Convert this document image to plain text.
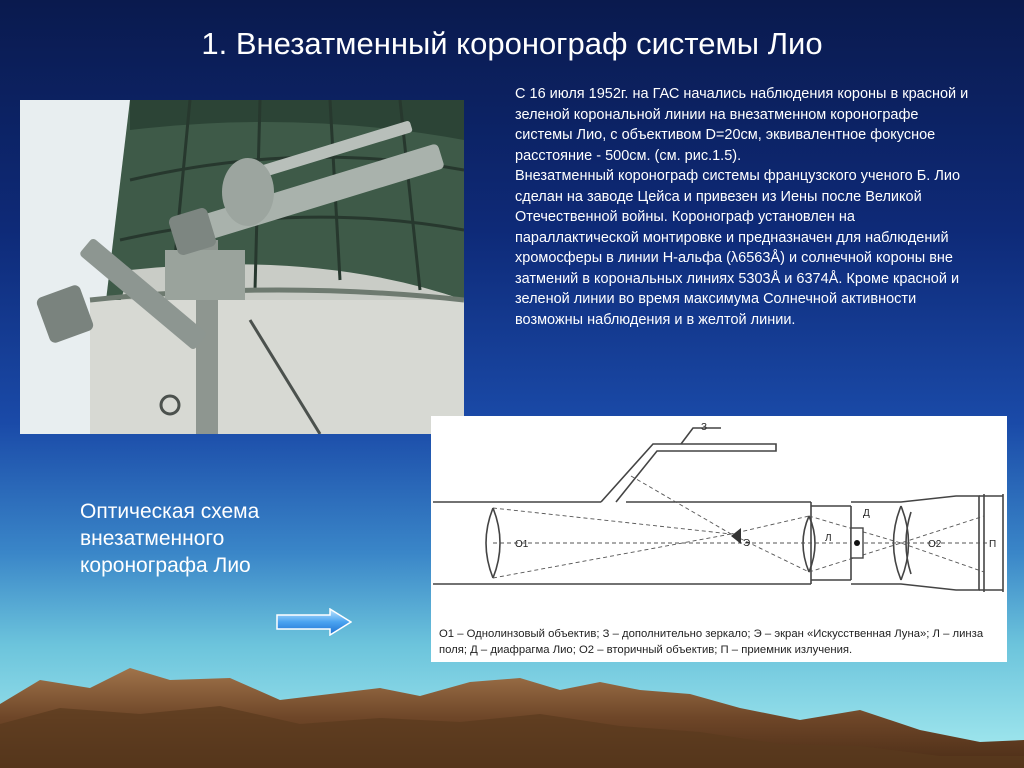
1. Внезатменный коронограф системы Лио

С 16 июля 1952г. на ГАС начались наблюдения короны в красной и зеленой корональной линии на внезатменном коронографе системы Лио, с объективом D=20см, эквивалентное фокусное расстояние - 500см. (см. рис.1.5).

Внезатменный коронограф системы французского ученого Б. Лио сделан на заводе Цейса и привезен из Иены после Великой Отечественной войны. Коронограф установлен на параллактической монтировке и предназначен для наблюдений хромосферы в линии Н-альфа (λ6563Å) и солнечной короны вне затмений в корональных линиях 5303Å и 6374Å. Кроме красной и зеленой линии во время максимума Солнечной активности возможны наблюдения и в желтой линии.

Оптическая схема
внезатменного
коронографа Лио
З
О1	Э	Л
Д
О2	П
О1 – Однолинзовый объектив; З – дополнительно зеркало; Э – экран «Искусственная Луна»; Л – линза поля; Д – диафрагма Лио; О2 – вторичный объектив; П – приемник излучения.
